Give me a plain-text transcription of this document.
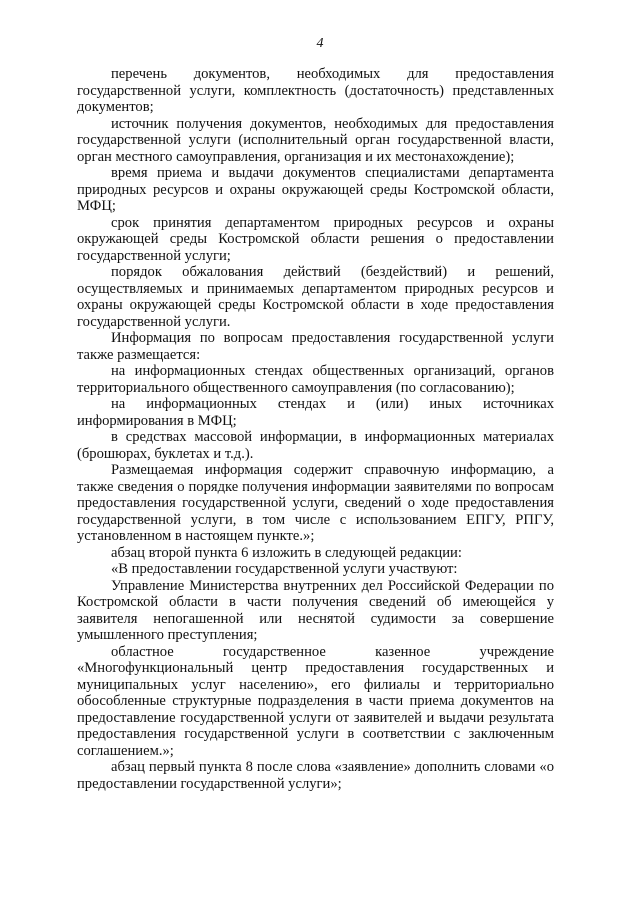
4

перечень документов, необходимых для предоставления государственной услуги, комплектность (достаточность) представленных документов;

источник получения документов, необходимых для предоставления государственной услуги (исполнительный орган государственной власти, орган местного самоуправления, организация и их местонахождение);

время приема и выдачи документов специалистами департамента природных ресурсов и охраны окружающей среды Костромской области, МФЦ;

срок принятия департаментом природных ресурсов и охраны окружающей среды Костромской области решения о предоставлении государственной услуги;

порядок обжалования действий (бездействий) и решений, осуществляемых и принимаемых департаментом природных ресурсов и охраны окружающей среды Костромской области в ходе предоставления государственной услуги.

Информация по вопросам предоставления государственной услуги также размещается:

на информационных стендах общественных организаций, органов территориального общественного самоуправления (по согласованию);

на информационных стендах и (или) иных источниках информирования в МФЦ;

в средствах массовой информации, в информационных материалах (брошюрах, буклетах и т.д.).

Размещаемая информация содержит справочную информацию, а также сведения о порядке получения информации заявителями по вопросам предоставления государственной услуги, сведений о ходе предоставления государственной услуги, в том числе с использованием ЕПГУ, РПГУ, установленном в настоящем пункте.»;

абзац второй пункта 6 изложить в следующей редакции:

«В предоставлении государственной услуги участвуют:

Управление Министерства внутренних дел Российской Федерации по Костромской области в части получения сведений об имеющейся у заявителя непогашенной или неснятой судимости за совершение умышленного преступления;

областное государственное казенное учреждение «Многофункциональный центр предоставления государственных и муниципальных услуг населению», его филиалы и территориально обособленные структурные подразделения в части приема документов на предоставление государственной услуги от заявителей и выдачи результата предоставления государственной услуги в соответствии с заключенным соглашением.»;

абзац первый пункта 8 после слова «заявление» дополнить словами «о предоставлении государственной услуги»;
